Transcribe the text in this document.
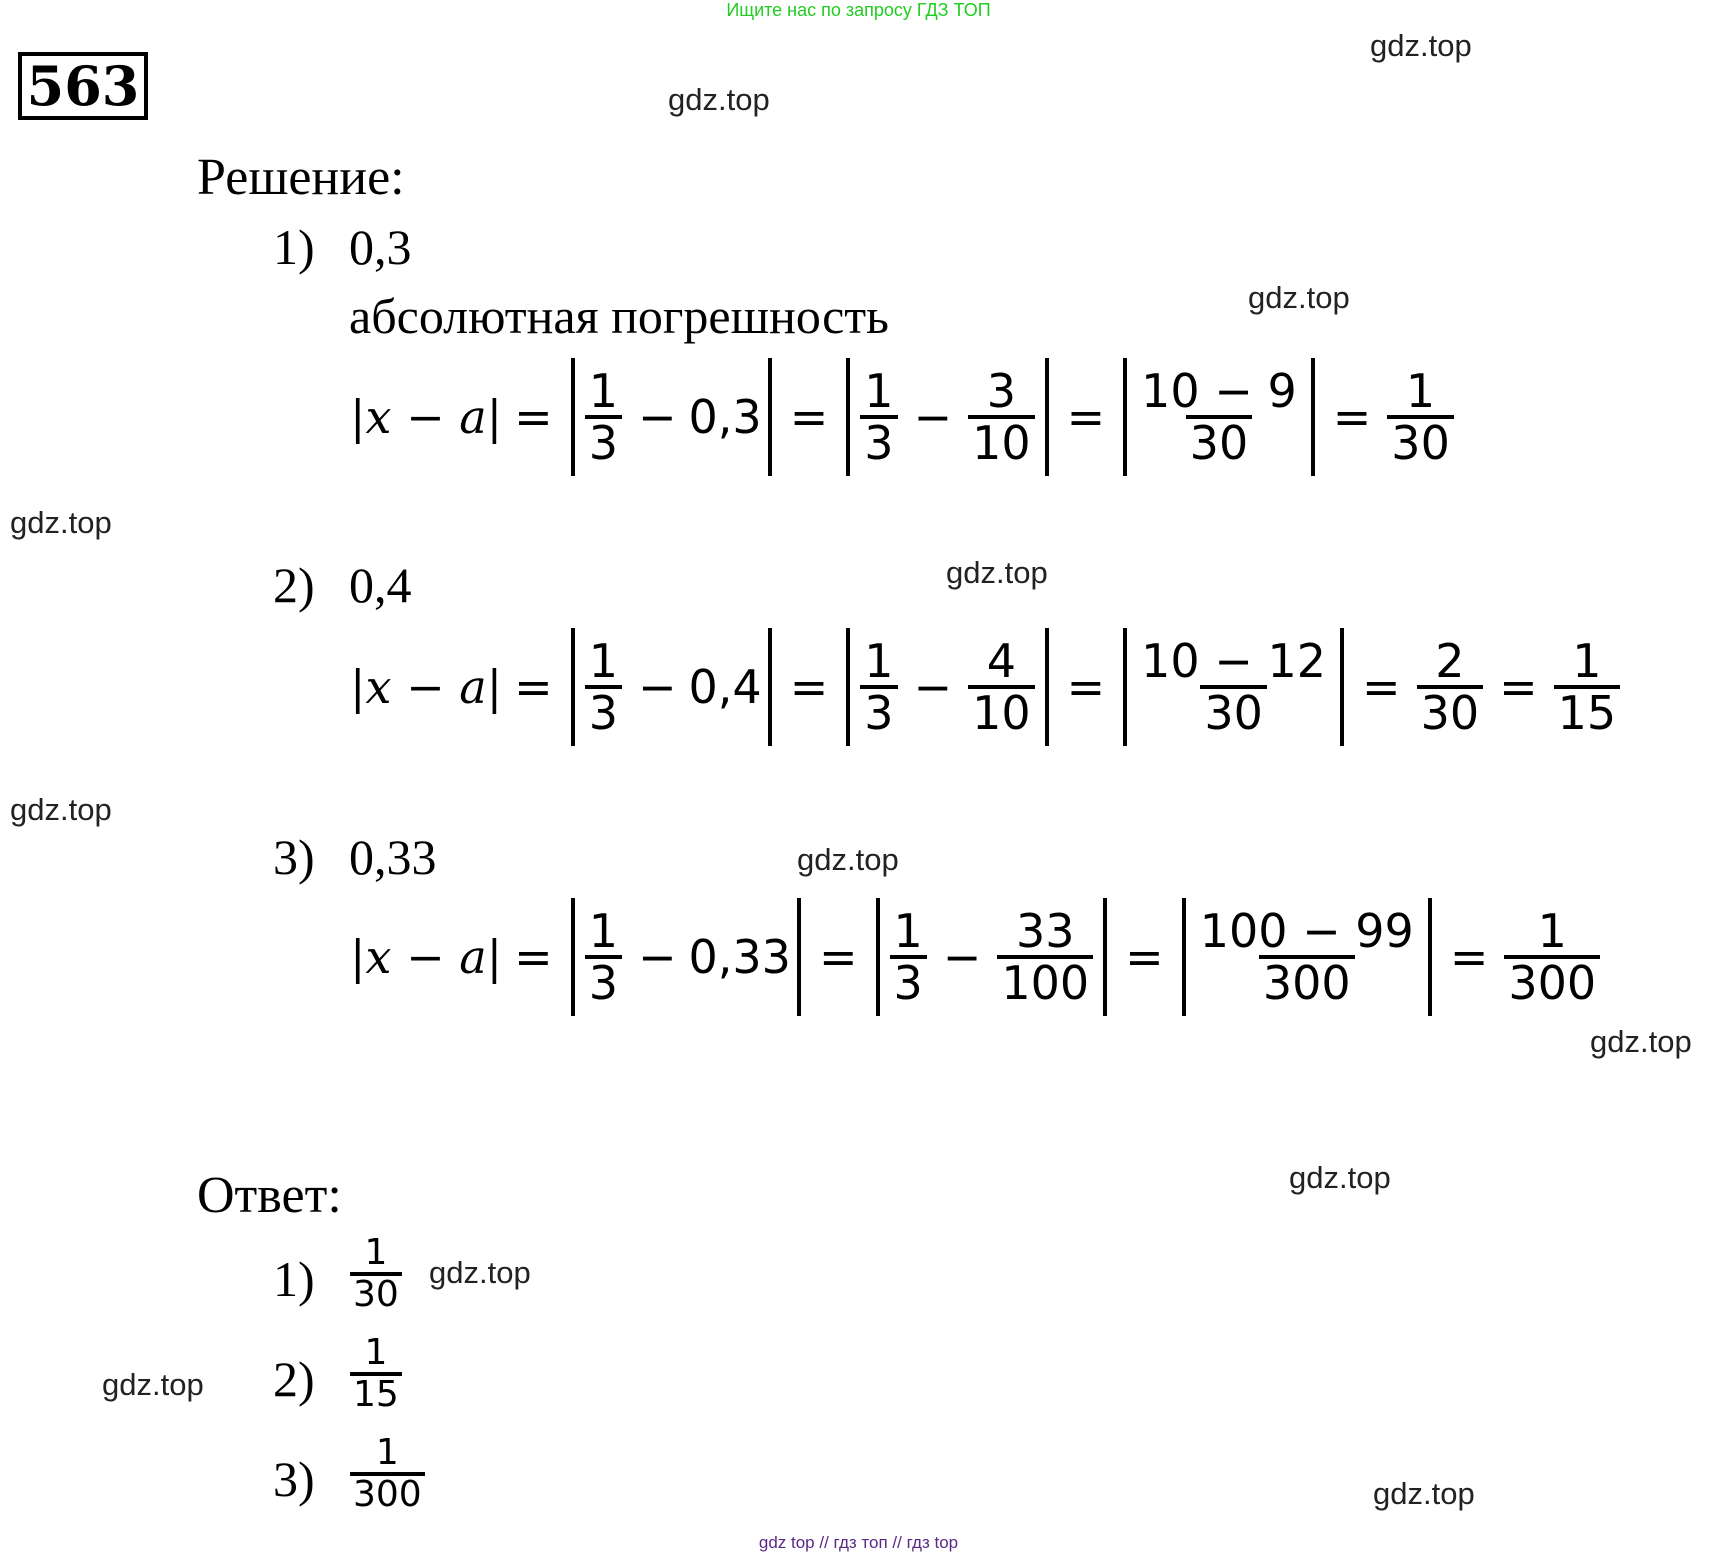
Ищите нас по запросу ГДЗ ТОП
563
gdz.top
gdz.top
gdz.top
gdz.top
gdz.top
gdz.top
gdz.top
gdz.top
gdz.top
gdz.top
gdz.top
gdz.top
Решение:
1) 0,3
абсолютная погрешность
$|x - a| = \frac{1}{3} - 0,3 = \frac{1}{3} - \frac{3}{10} = \frac{10 - 9}{30} = \frac{1}{30}$
2) 0,4
$|x - a| = \frac{1}{3} - 0,4 = \frac{1}{3} - \frac{4}{10} = \frac{10 - 12}{30} = \frac{2}{30} = \frac{1}{15}$
3) 0,33
$|x - a| = \frac{1}{3} - 0,33 = \frac{1}{3} - \frac{33}{100} = \frac{100 - 99}{300} = \frac{1}{300}$
Ответ:
$1) \frac{1}{30}$
$2) \frac{1}{15}$
$3) \frac{1}{300}$
gdz top // гдз топ // гдз top
